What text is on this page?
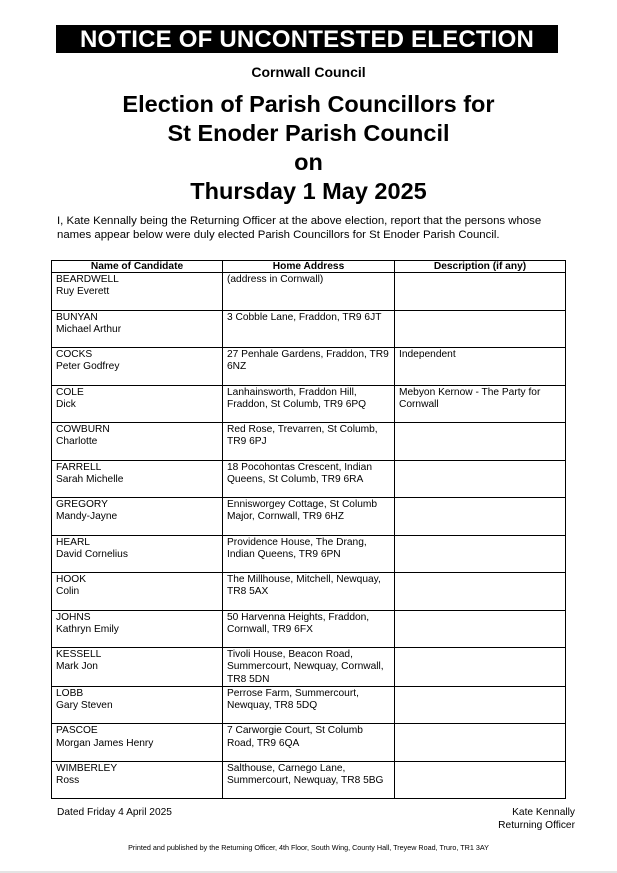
NOTICE OF UNCONTESTED ELECTION
Cornwall Council
Election of Parish Councillors for
St Enoder Parish Council
on
Thursday 1 May 2025
I, Kate Kennally being the Returning Officer at the above election, report that the persons whose names appear below were duly elected Parish Councillors for St Enoder Parish Council.
Name of Candidate	Home Address	Description (if any)

BEARDWELL
Ruy Everett	(address in Cornwall)	

BUNYAN
Michael Arthur	3 Cobble Lane, Fraddon, TR9 6JT	

COCKS
Peter Godfrey	27 Penhale Gardens, Fraddon, TR9 6NZ	Independent

COLE
Dick	Lanhainsworth, Fraddon Hill, Fraddon, St Columb, TR9 6PQ	Mebyon Kernow - The Party for Cornwall

COWBURN
Charlotte	Red Rose, Trevarren, St Columb, TR9 6PJ	

FARRELL
Sarah Michelle	18 Pocohontas Crescent, Indian Queens, St Columb, TR9 6RA	

GREGORY
Mandy-Jayne	Ennisworgey Cottage, St Columb Major, Cornwall, TR9 6HZ	

HEARL
David Cornelius	Providence House, The Drang, Indian Queens, TR9 6PN	

HOOK
Colin	The Millhouse, Mitchell, Newquay, TR8 5AX	

JOHNS
Kathryn Emily	50 Harvenna Heights, Fraddon, Cornwall, TR9 6FX	

KESSELL
Mark Jon	Tivoli House, Beacon Road, Summercourt, Newquay, Cornwall, TR8 5DN	

LOBB
Gary Steven	Perrose Farm, Summercourt, Newquay, TR8 5DQ	

PASCOE
Morgan James Henry	7 Carworgie Court, St Columb Road, TR9 6QA	

WIMBERLEY
Ross	Salthouse, Carnego Lane, Summercourt, Newquay, TR8 5BG	
Dated Friday 4 April 2025	Kate Kennally
Returning Officer
Printed and published by the Returning Officer, 4th Floor, South Wing, County Hall, Treyew Road, Truro, TR1 3AY
